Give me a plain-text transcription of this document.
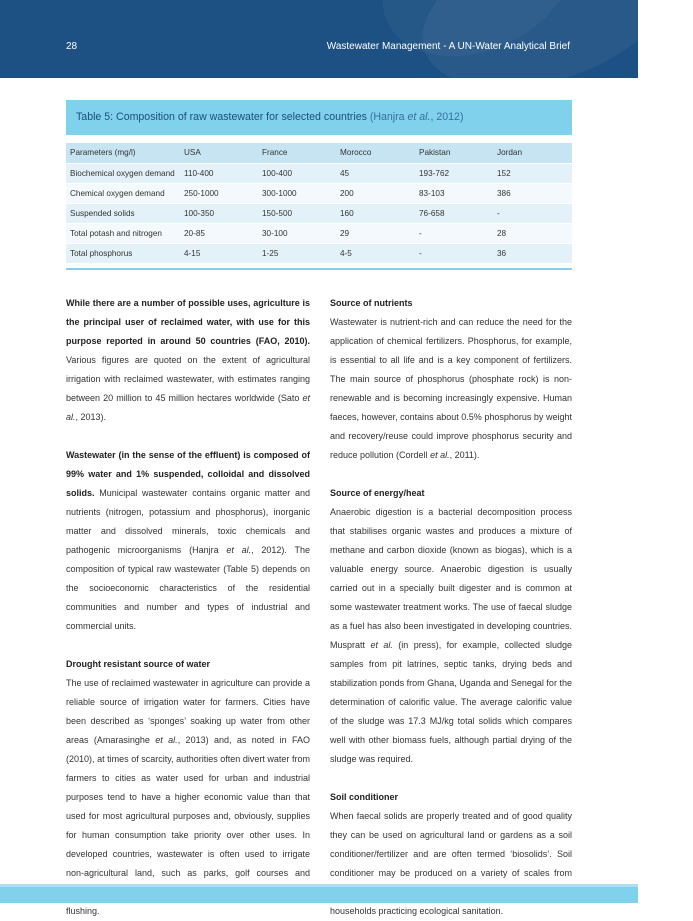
28	Wastewater Management - A UN-Water Analytical Brief
Table 5: Composition of raw wastewater for selected countries (Hanjra et al., 2012)
Parameters (mg/l)	USA	France	Morocco	Pakistan	Jordan
Biochemical oxygen demand	110-400	100-400	45	193-762	152
Chemical oxygen demand	250-1000	300-1000	200	83-103	386
Suspended solids	100-350	150-500	160	76-658	-
Total potash and nitrogen	20-85	30-100	29	-	28
Total phosphorus	4-15	1-25	4-5	-	36

While there are a number of possible uses, agriculture is the principal user of reclaimed water, with use for this purpose reported in around 50 countries (FAO, 2010). Various figures are quoted on the extent of agricultural irrigation with reclaimed wastewater, with estimates ranging between 20 million to 45 million hectares worldwide (Sato et al., 2013).

Wastewater (in the sense of the effluent) is composed of 99% water and 1% suspended, colloidal and dissolved solids. Municipal wastewater contains organic matter and nutrients (nitrogen, potassium and phosphorus), inorganic matter and dissolved minerals, toxic chemicals and pathogenic microorganisms (Hanjra et al., 2012). The composition of typical raw wastewater (Table 5) depends on the socioeconomic characteristics of the residential communities and number and types of industrial and commercial units.

Drought resistant source of water

The use of reclaimed wastewater in agriculture can provide a reliable source of irrigation water for farmers. Cities have been described as ‘sponges’ soaking up water from other areas (Amarasinghe et al., 2013) and, as noted in FAO (2010), at times of scarcity, authorities often divert water from farmers to cities as water used for urban and industrial purposes tend to have a higher economic value than that used for most agricultural purposes and, obviously, supplies for human consumption take priority over other uses. In developed countries, wastewater is often used to irrigate non-agricultural land, such as parks, golf courses and flushing.

Source of nutrients

Wastewater is nutrient-rich and can reduce the need for the application of chemical fertilizers. Phosphorus, for example, is essential to all life and is a key component of fertilizers. The main source of phosphorus (phosphate rock) is non-renewable and is becoming increasingly expensive. Human faeces, however, contains about 0.5% phosphorus by weight and recovery/reuse could improve phosphorus security and reduce pollution (Cordell et al., 2011).

Source of energy/heat

Anaerobic digestion is a bacterial decomposition process that stabilises organic wastes and produces a mixture of methane and carbon dioxide (known as biogas), which is a valuable energy source. Anaerobic digestion is usually carried out in a specially built digester and is common at some wastewater treatment works. The use of faecal sludge as a fuel has also been investigated in developing countries. Muspratt et al. (in press), for example, collected sludge samples from pit latrines, septic tanks, drying beds and stabilization ponds from Ghana, Uganda and Senegal for the determination of calorific value. The average calorific value of the sludge was 17.3 MJ/kg total solids which compares well with other biomass fuels, although partial drying of the sludge was required.

Soil conditioner

When faecal solids are properly treated and of good quality they can be used on agricultural land or gardens as a soil conditioner/fertilizer and are often termed ‘biosolids’. Soil conditioner may be produced on a variety of scales from households practicing ecological sanitation.
